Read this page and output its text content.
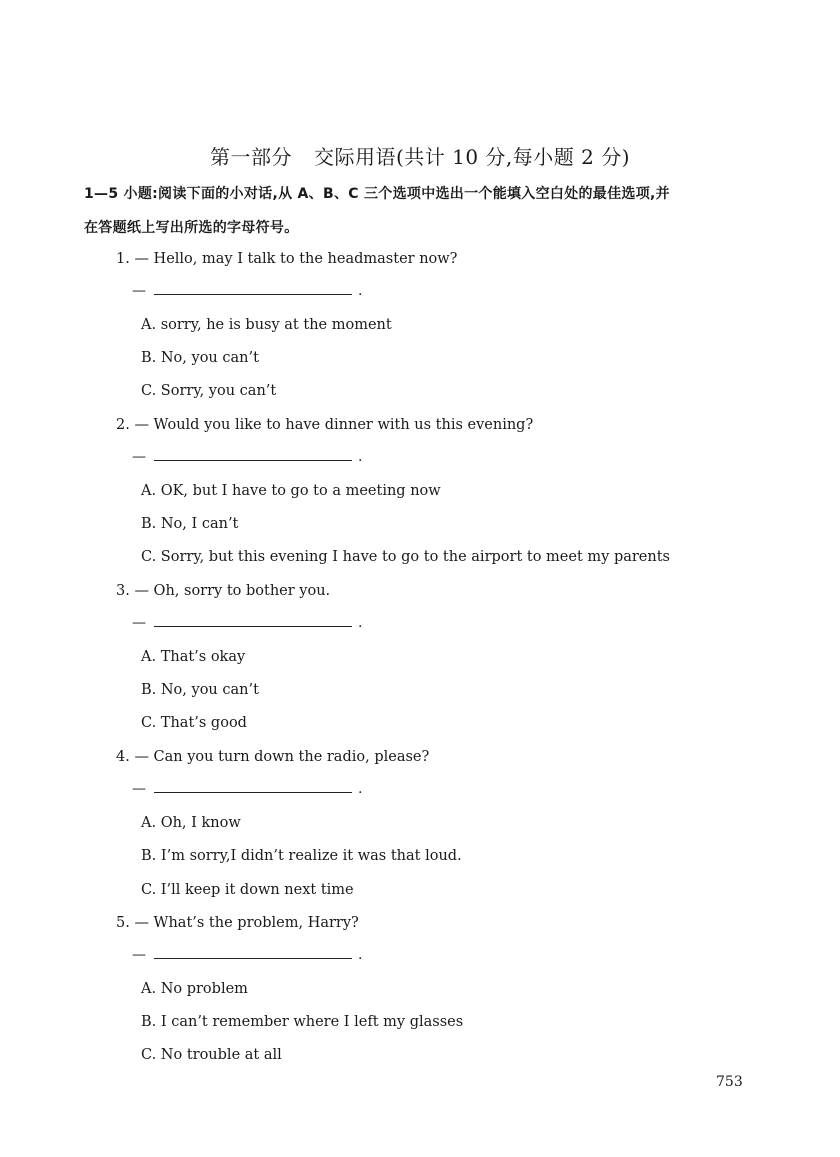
第一部分 交际用语(共计 10 分,每小题 2 分)
1—5 小题:阅读下面的小对话,从 A、B、C 三个选项中选出一个能填入空白处的最佳选项,并
在答题纸上写出所选的字母符号。
1. — Hello, may I talk to the headmaster now?
—	.
A. sorry, he is busy at the moment
B. No, you can’t
C. Sorry, you can’t
2. — Would you like to have dinner with us this evening?
—	.
A. OK, but I have to go to a meeting now
B. No, I can’t
C. Sorry, but this evening I have to go to the airport to meet my parents
3. — Oh, sorry to bother you.
—	.
A. That’s okay
B. No, you can’t
C. That’s good
4. — Can you turn down the radio, please?
—	.
A. Oh, I know
B. I’m sorry,I didn’t realize it was that loud.
C. I’ll keep it down next time
5. — What’s the problem, Harry?
—	.
A. No problem
B. I can’t remember where I left my glasses
C. No trouble at all
753
